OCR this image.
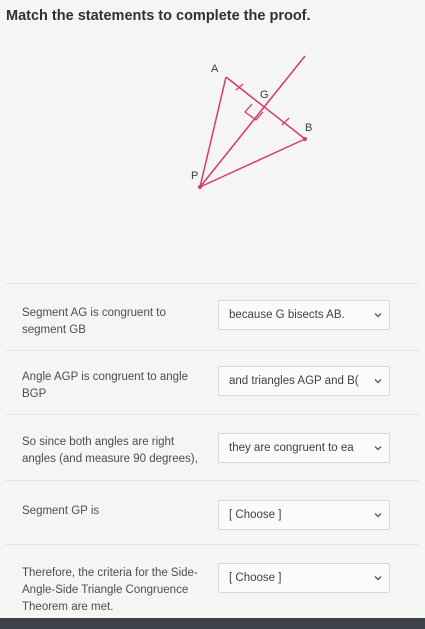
Match the statements to complete the proof.
A
G
B
P
Segment AG is congruent to segment GB
because G bisects AB.
Angle AGP is congruent to angle BGP
and triangles AGP and B(
So since both angles are right angles (and measure 90 degrees),
they are congruent to ea
Segment GP is	[ Choose ]
Therefore, the criteria for the Side-Angle-Side Triangle Congruence Theorem are met.
[ Choose ]
